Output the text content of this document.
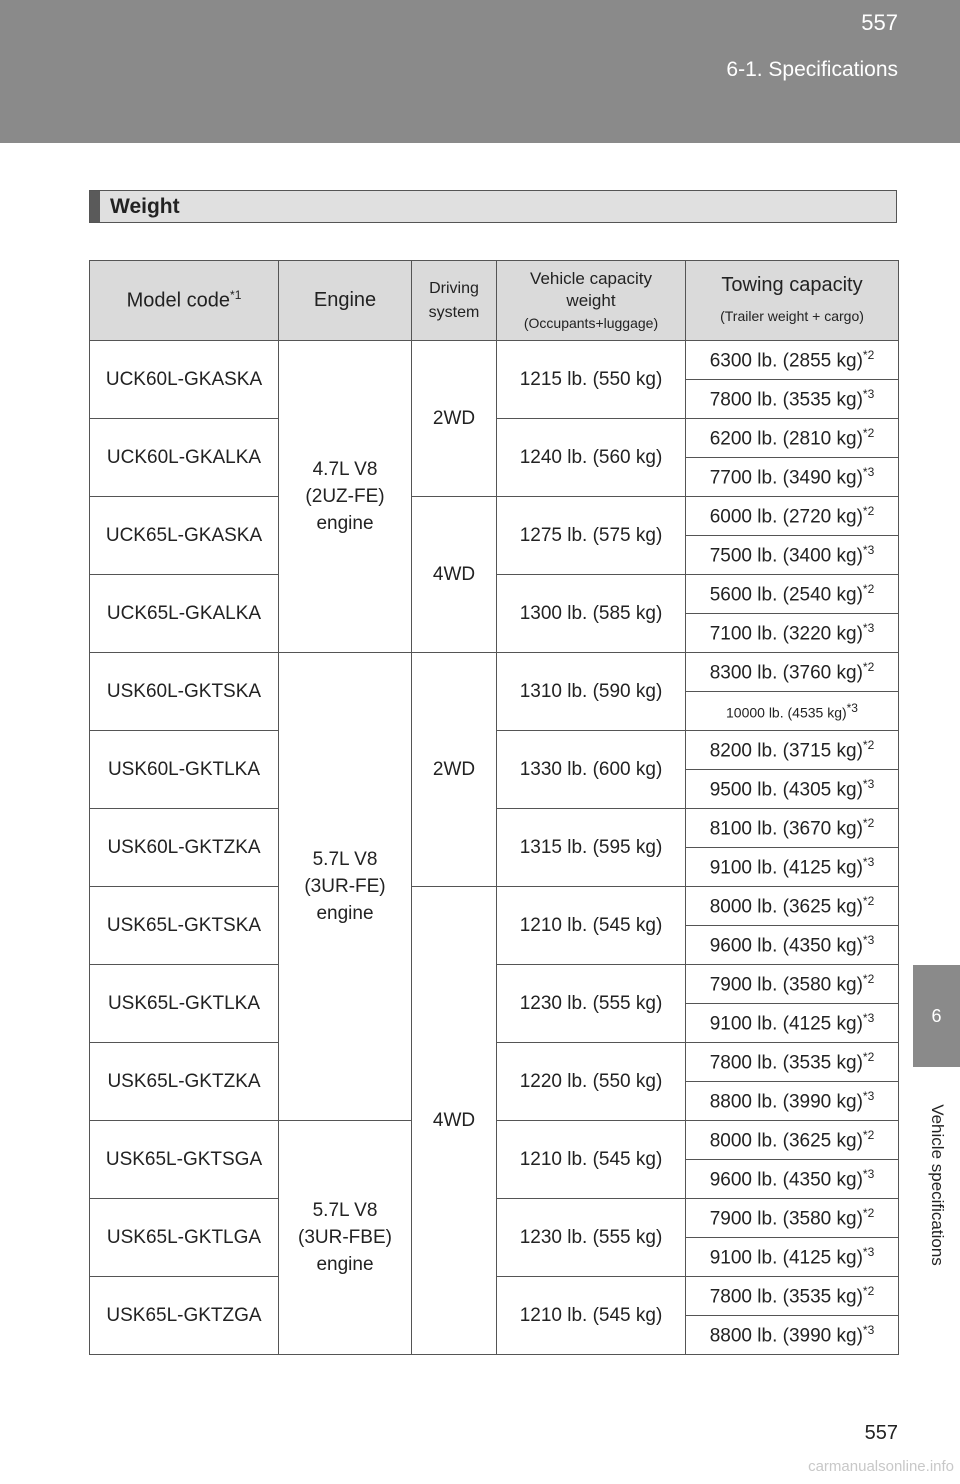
557
6-1. Specifications
6
Vehicle specifications
Weight
Model code$^{*1}$	Engine	Driving
system	Vehicle capacity
weight
(Occupants+luggage)	Towing capacity
(Trailer weight + cargo)
UCK60L-GKASKA	4.7L V8
(2UZ-FE)
engine	2WD	1215 lb. (550 kg)	6300 lb. (2855 kg)$^{*2}$
				7800 lb. (3535 kg)$^{*3}$
UCK60L-GKALKA			1240 lb. (560 kg)	6200 lb. (2810 kg)$^{*2}$
				7700 lb. (3490 kg)$^{*3}$
UCK65L-GKASKA		4WD	1275 lb. (575 kg)	6000 lb. (2720 kg)$^{*2}$
				7500 lb. (3400 kg)$^{*3}$
UCK65L-GKALKA			1300 lb. (585 kg)	5600 lb. (2540 kg)$^{*2}$
				7100 lb. (3220 kg)$^{*3}$
USK60L-GKTSKA	5.7L V8
(3UR-FE)
engine	2WD	1310 lb. (590 kg)	8300 lb. (3760 kg)$^{*2}$
				10000 lb. (4535 kg)$^{*3}$
USK60L-GKTLKA			1330 lb. (600 kg)	8200 lb. (3715 kg)$^{*2}$
				9500 lb. (4305 kg)$^{*3}$
USK60L-GKTZKA			1315 lb. (595 kg)	8100 lb. (3670 kg)$^{*2}$
				9100 lb. (4125 kg)$^{*3}$
USK65L-GKTSKA		4WD	1210 lb. (545 kg)	8000 lb. (3625 kg)$^{*2}$
				9600 lb. (4350 kg)$^{*3}$
USK65L-GKTLKA			1230 lb. (555 kg)	7900 lb. (3580 kg)$^{*2}$
				9100 lb. (4125 kg)$^{*3}$
USK65L-GKTZKA			1220 lb. (550 kg)	7800 lb. (3535 kg)$^{*2}$
				8800 lb. (3990 kg)$^{*3}$
USK65L-GKTSGA	5.7L V8
(3UR-FBE)
engine		1210 lb. (545 kg)	8000 lb. (3625 kg)$^{*2}$
				9600 lb. (4350 kg)$^{*3}$
USK65L-GKTLGA			1230 lb. (555 kg)	7900 lb. (3580 kg)$^{*2}$
				9100 lb. (4125 kg)$^{*3}$
USK65L-GKTZGA			1210 lb. (545 kg)	7800 lb. (3535 kg)$^{*2}$
				8800 lb. (3990 kg)$^{*3}$
557
carmanualsonline.info
